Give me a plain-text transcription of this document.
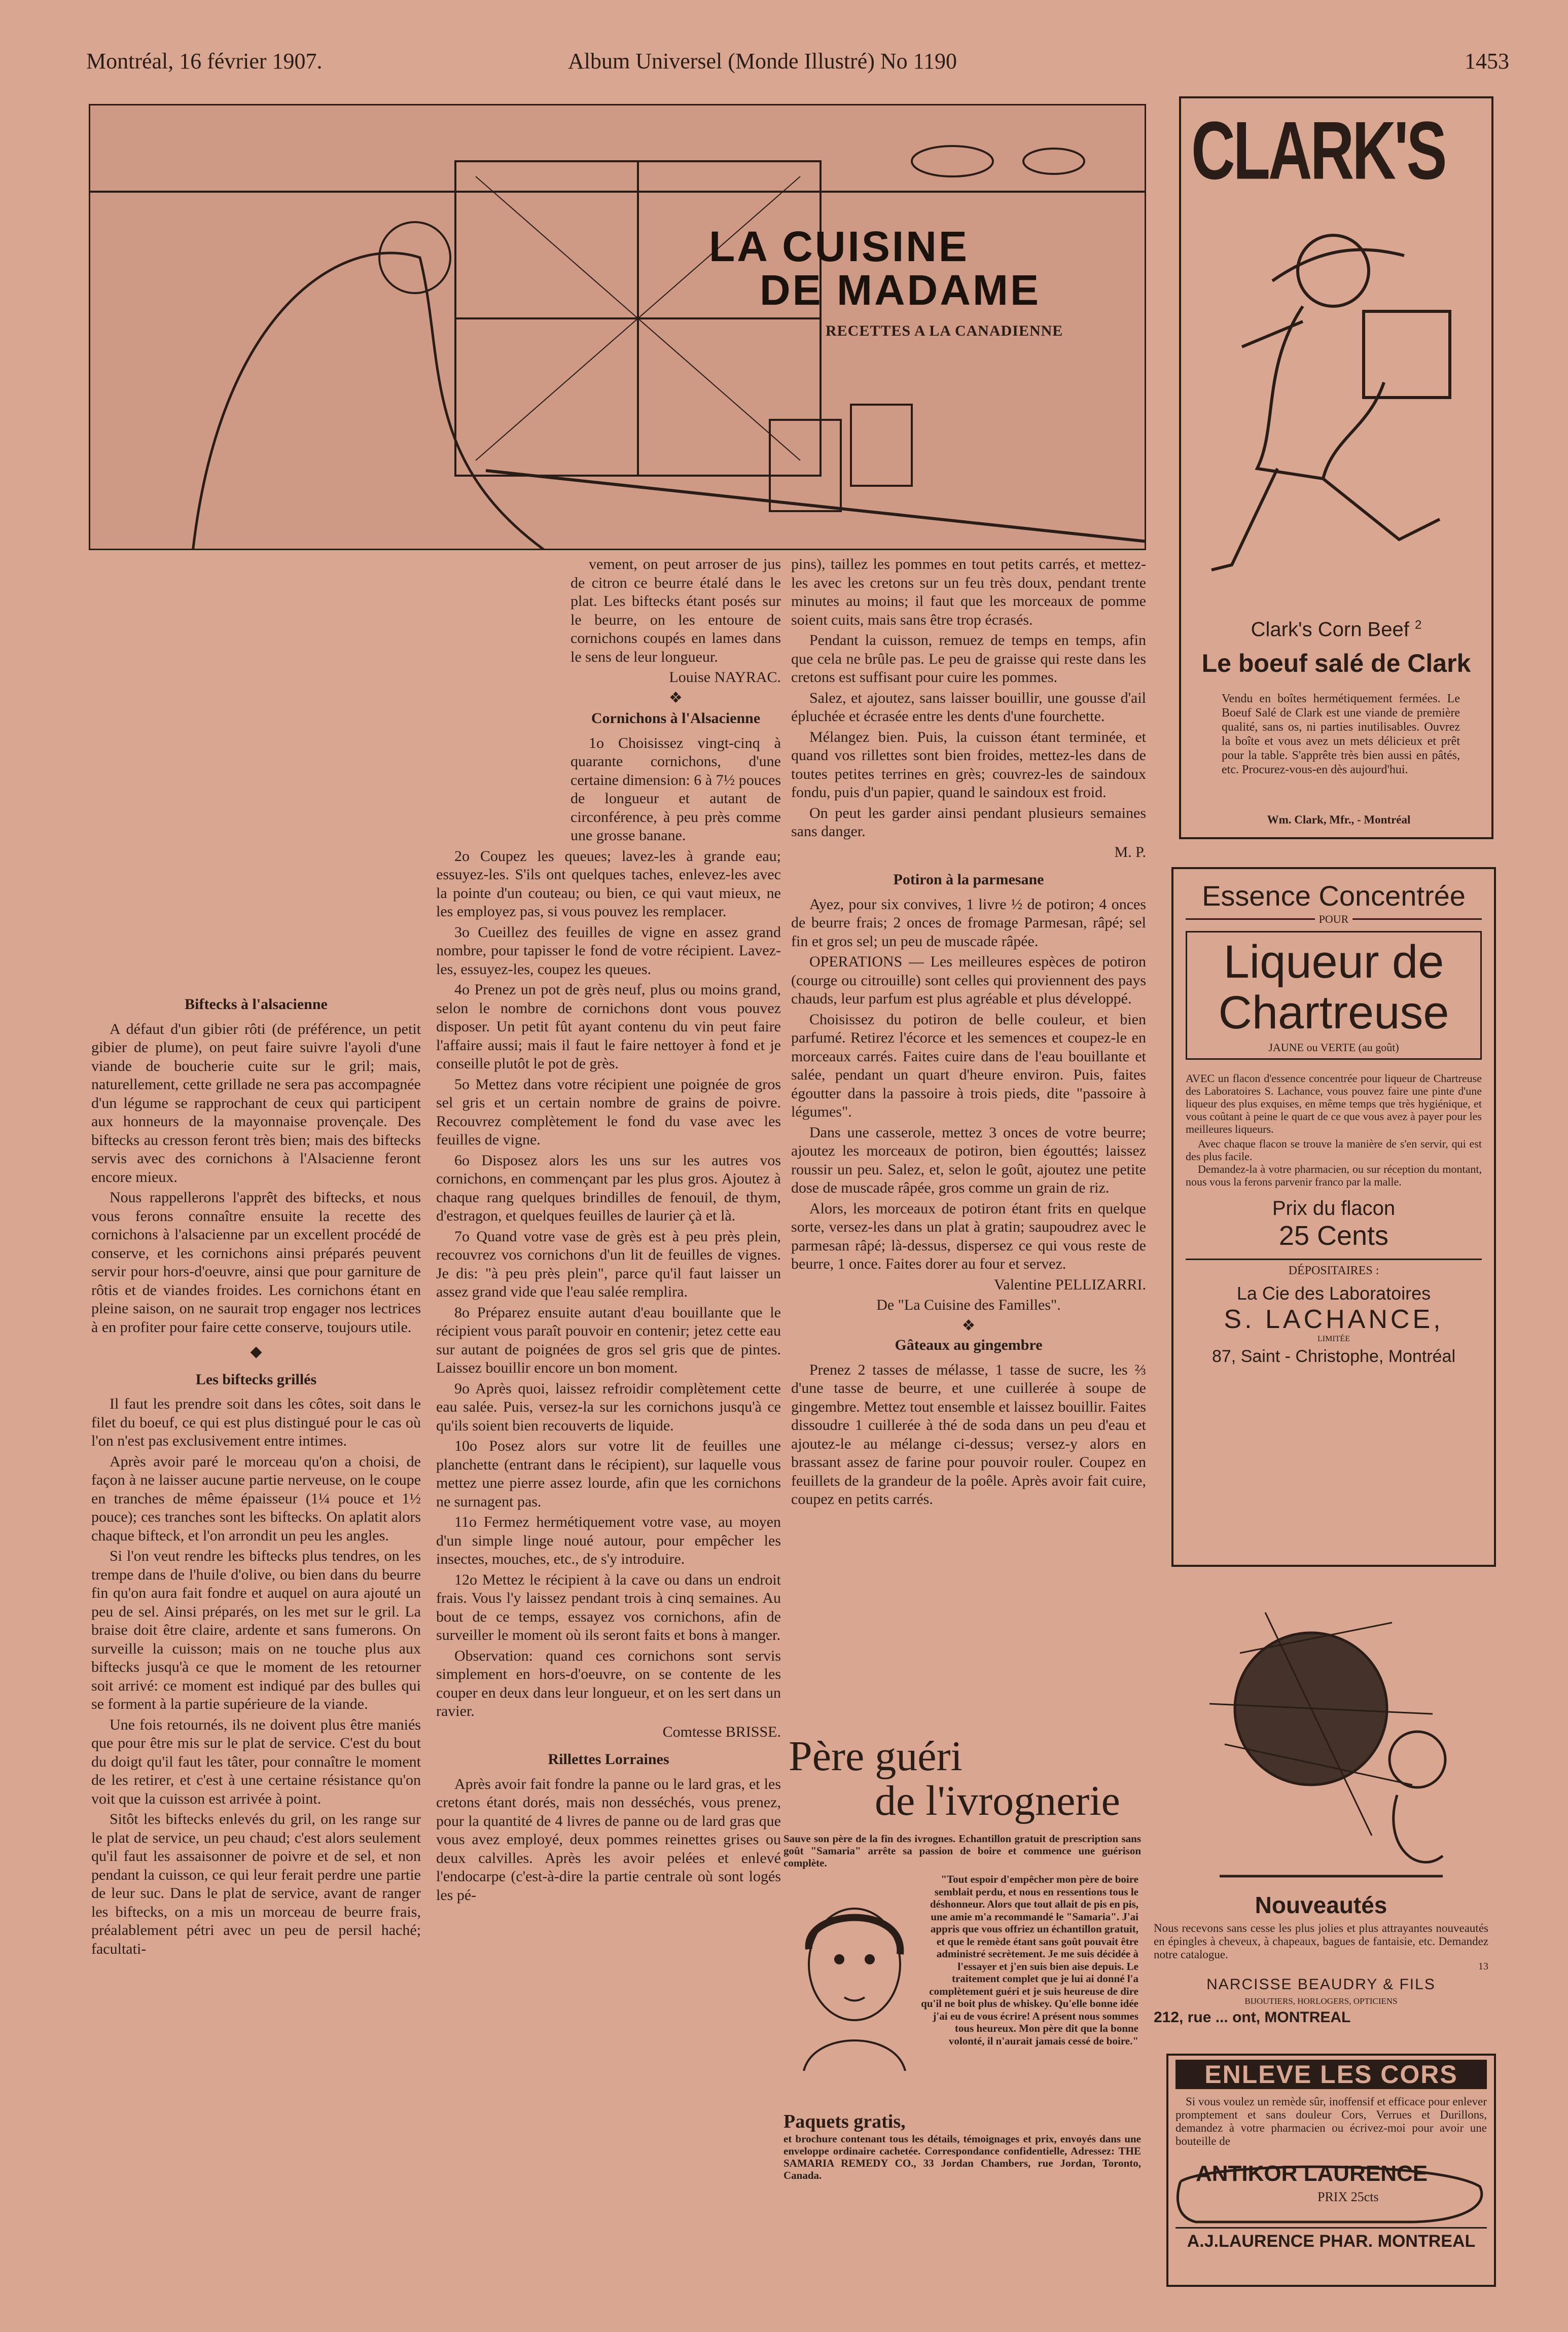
Montréal, 16 février 1907.	Album Universel (Monde Illustré) No 1190	1453
LA CUISINE
DE MADAME
RECETTES A LA CANADIENNE
Biftecks à l'alsacienne

A défaut d'un gibier rôti (de préférence, un petit gibier de plume), on peut faire suivre l'ayoli d'une viande de boucherie cuite sur le gril; mais, naturellement, cette grillade ne sera pas accompagnée d'un légume se rapprochant de ceux qui participent aux honneurs de la mayonnaise provençale. Des biftecks au cresson feront très bien; mais des biftecks servis avec des cornichons à l'Alsacienne feront encore mieux.

Nous rappellerons l'apprêt des biftecks, et nous vous ferons connaître ensuite la recette des cornichons à l'alsacienne par un excellent procédé de conserve, et les cornichons ainsi préparés peuvent servir pour hors-d'oeuvre, ainsi que pour garniture de rôtis et de viandes froides. Les cornichons étant en pleine saison, on ne saurait trop engager nos lectrices à en profiter pour faire cette conserve, toujours utile.

◆
Les biftecks grillés

Il faut les prendre soit dans les côtes, soit dans le filet du boeuf, ce qui est plus distingué pour le cas où l'on n'est pas exclusivement entre intimes.

Après avoir paré le morceau qu'on a choisi, de façon à ne laisser aucune partie nerveuse, on le coupe en tranches de même épaisseur (1¼ pouce et 1½ pouce); ces tranches sont les biftecks. On aplatit alors chaque bifteck, et l'on arrondit un peu les angles.

Si l'on veut rendre les biftecks plus tendres, on les trempe dans de l'huile d'olive, ou bien dans du beurre fin qu'on aura fait fondre et auquel on aura ajouté un peu de sel. Ainsi préparés, on les met sur le gril. La braise doit être claire, ardente et sans fumerons. On surveille la cuisson; mais on ne touche plus aux biftecks jusqu'à ce que le moment de les retourner soit arrivé: ce moment est indiqué par des bulles qui se forment à la partie supérieure de la viande.

Une fois retournés, ils ne doivent plus être maniés que pour être mis sur le plat de service. C'est du bout du doigt qu'il faut les tâter, pour connaître le moment de les retirer, et c'est à une certaine résistance qu'on voit que la cuisson est arrivée à point.

Sitôt les biftecks enlevés du gril, on les range sur le plat de service, un peu chaud; c'est alors seulement qu'il faut les assaisonner de poivre et de sel, et non pendant la cuisson, ce qui leur ferait perdre une partie de leur suc. Dans le plat de service, avant de ranger les biftecks, on a mis un morceau de beurre frais, préalablement pétri avec un peu de persil haché; facultati-

vement, on peut arroser de jus de citron ce beurre étalé dans le plat. Les biftecks étant posés sur le beurre, on les entoure de cornichons coupés en lames dans le sens de leur longueur.

Louise NAYRAC.

❖
Cornichons à l'Alsacienne

1o Choisissez vingt-cinq à quarante cornichons, d'une certaine dimension: 6 à 7½ pouces de longueur et autant de circonférence, à peu près comme une grosse banane.

2o Coupez les queues; lavez-les à grande eau; essuyez-les. S'ils ont quelques taches, enlevez-les avec la pointe d'un couteau; ou bien, ce qui vaut mieux, ne les employez pas, si vous pouvez les remplacer.

3o Cueillez des feuilles de vigne en assez grand nombre, pour tapisser le fond de votre récipient. Lavez-les, essuyez-les, coupez les queues.

4o Prenez un pot de grès neuf, plus ou moins grand, selon le nombre de cornichons dont vous pouvez disposer. Un petit fût ayant contenu du vin peut faire l'affaire aussi; mais il faut le faire nettoyer à fond et je conseille plutôt le pot de grès.

5o Mettez dans votre récipient une poignée de gros sel gris et un certain nombre de grains de poivre. Recouvrez complètement le fond du vase avec les feuilles de vigne.

6o Disposez alors les uns sur les autres vos cornichons, en commençant par les plus gros. Ajoutez à chaque rang quelques brindilles de fenouil, de thym, d'estragon, et quelques feuilles de laurier çà et là.

7o Quand votre vase de grès est à peu près plein, recouvrez vos cornichons d'un lit de feuilles de vignes. Je dis: "à peu près plein", parce qu'il faut laisser un assez grand vide que l'eau salée remplira.

8o Préparez ensuite autant d'eau bouillante que le récipient vous paraît pouvoir en contenir; jetez cette eau sur autant de poignées de gros sel gris que de pintes. Laissez bouillir encore un bon moment.

9o Après quoi, laissez refroidir complètement cette eau salée. Puis, versez-la sur les cornichons jusqu'à ce qu'ils soient bien recouverts de liquide.

10o Posez alors sur votre lit de feuilles une planchette (entrant dans le récipient), sur laquelle vous mettez une pierre assez lourde, afin que les cornichons ne surnagent pas.

11o Fermez hermétiquement votre vase, au moyen d'un simple linge noué autour, pour empêcher les insectes, mouches, etc., de s'y introduire.

12o Mettez le récipient à la cave ou dans un endroit frais. Vous l'y laissez pendant trois à cinq semaines. Au bout de ce temps, essayez vos cornichons, afin de surveiller le moment où ils seront faits et bons à manger.

Observation: quand ces cornichons sont servis simplement en hors-d'oeuvre, on se contente de les couper en deux dans leur longueur, et on les sert dans un ravier.

Comtesse BRISSE.

Rillettes Lorraines

Après avoir fait fondre la panne ou le lard gras, et les cretons étant dorés, mais non desséchés, vous prenez, pour la quantité de 4 livres de panne ou de lard gras que vous avez employé, deux pommes reinettes grises ou deux calvilles. Après les avoir pelées et enlevé l'endocarpe (c'est-à-dire la partie centrale où sont logés les pé-

pins), taillez les pommes en tout petits carrés, et mettez-les avec les cretons sur un feu très doux, pendant trente minutes au moins; il faut que les morceaux de pomme soient cuits, mais sans être trop écrasés.

Pendant la cuisson, remuez de temps en temps, afin que cela ne brûle pas. Le peu de graisse qui reste dans les cretons est suffisant pour cuire les pommes.

Salez, et ajoutez, sans laisser bouillir, une gousse d'ail épluchée et écrasée entre les dents d'une fourchette.

Mélangez bien. Puis, la cuisson étant terminée, et quand vos rillettes sont bien froides, mettez-les dans de toutes petites terrines en grès; couvrez-les de saindoux fondu, puis d'un papier, quand le saindoux est froid.

On peut les garder ainsi pendant plusieurs semaines sans danger.

M. P.

Potiron à la parmesane

Ayez, pour six convives, 1 livre ½ de potiron; 4 onces de beurre frais; 2 onces de fromage Parmesan, râpé; sel fin et gros sel; un peu de muscade râpée.

OPERATIONS — Les meilleures espèces de potiron (courge ou citrouille) sont celles qui proviennent des pays chauds, leur parfum est plus agréable et plus développé.

Choisissez du potiron de belle couleur, et bien parfumé. Retirez l'écorce et les semences et coupez-le en morceaux carrés. Faites cuire dans de l'eau bouillante et salée, pendant un quart d'heure environ. Puis, faites égoutter dans la passoire à trois pieds, dite "passoire à légumes".

Dans une casserole, mettez 3 onces de votre beurre; ajoutez les morceaux de potiron, bien égouttés; laissez roussir un peu. Salez, et, selon le goût, ajoutez une petite dose de muscade râpée, gros comme un grain de riz.

Alors, les morceaux de potiron étant frits en quelque sorte, versez-les dans un plat à gratin; saupoudrez avec le parmesan râpé; là-dessus, dispersez ce qui vous reste de beurre, 1 once. Faites dorer au four et servez.

Valentine PELLIZARRI.

De "La Cuisine des Familles".

❖
Gâteaux au gingembre

Prenez 2 tasses de mélasse, 1 tasse de sucre, les ⅔ d'une tasse de beurre, et une cuillerée à soupe de gingembre. Mettez tout ensemble et laissez bouillir. Faites dissoudre 1 cuillerée à thé de soda dans un peu d'eau et ajoutez-le au mélange ci-dessus; versez-y alors en brassant assez de farine pour pouvoir rouler. Coupez en feuillets de la grandeur de la poêle. Après avoir fait cuire, coupez en petits carrés.

Père guéri
de l'ivrognerie
Sauve son père de la fin des ivrognes. Echantillon gratuit de prescription sans goût "Samaria" arrête sa passion de boire et commence une guérison complète.
"Tout espoir d'empêcher mon père de boire semblait perdu, et nous en ressentions tous le déshonneur. Alors que tout allait de pis en pis, une amie m'a recommandé le "Samaria". J'ai appris que vous offriez un échantillon gratuit, et que le remède étant sans goût pouvait être administré secrètement. Je me suis décidée à l'essayer et j'en suis bien aise depuis. Le traitement complet que je lui ai donné l'a complètement guéri et je suis heureuse de dire qu'il ne boit plus de whiskey. Qu'elle bonne idée j'ai eu de vous écrire! A présent nous sommes tous heureux. Mon père dit que la bonne volonté, il n'aurait jamais cessé de boire."
Paquets gratis,
et brochure contenant tous les détails, témoignages et prix, envoyés dans une enveloppe ordinaire cachetée. Correspondance confidentielle, Adressez: THE SAMARIA REMEDY CO., 33 Jordan Chambers, rue Jordan, Toronto, Canada.
CLARK'S
Clark's Corn Beef $^2$
Le boeuf salé de Clark
Vendu en boîtes hermétiquement fermées. Le Boeuf Salé de Clark est une viande de première qualité, sans os, ni parties inutilisables. Ouvrez la boîte et vous avez un mets délicieux et prêt pour la table. S'apprête très bien aussi en pâtés, etc. Procurez-vous-en dès aujourd'hui.
Wm. Clark, Mfr., - Montréal
Essence Concentrée
POUR
Liqueur de
Chartreuse
JAUNE ou VERTE (au goût)
AVEC un flacon d'essence concentrée pour liqueur de Chartreuse des Laboratoires S. Lachance, vous pouvez faire une pinte d'une liqueur des plus exquises, en même temps que très hygiénique, et vous coûtant à peine le quart de ce que vous avez à payer pour les meilleures liqueurs.
Avec chaque flacon se trouve la manière de s'en servir, qui est des plus facile.
Demandez-la à votre pharmacien, ou sur réception du montant, nous vous la ferons parvenir franco par la malle.
Prix du flacon
25 Cents
DÉPOSITAIRES :
La Cie des Laboratoires
S. LACHANCE,
LIMITÉE
87, Saint - Christophe, Montréal
Nouveautés
Nous recevons sans cesse les plus jolies et plus attrayantes nouveautés en épingles à cheveux, à chapeaux, bagues de fantaisie, etc. Demandez notre catalogue.
13
NARCISSE BEAUDRY & FILS
BIJOUTIERS, HORLOGERS, OPTICIENS
212, rue ... ont, MONTREAL
ENLEVE LES CORS
Si vous voulez un remède sûr, inoffensif et efficace pour enlever promptement et sans douleur Cors, Verrues et Durillons, demandez à votre pharmacien ou écrivez-moi pour avoir une bouteille de
ANTIKOR LAURENCE
PRIX 25cts
A.J.LAURENCE PHAR. MONTREAL
